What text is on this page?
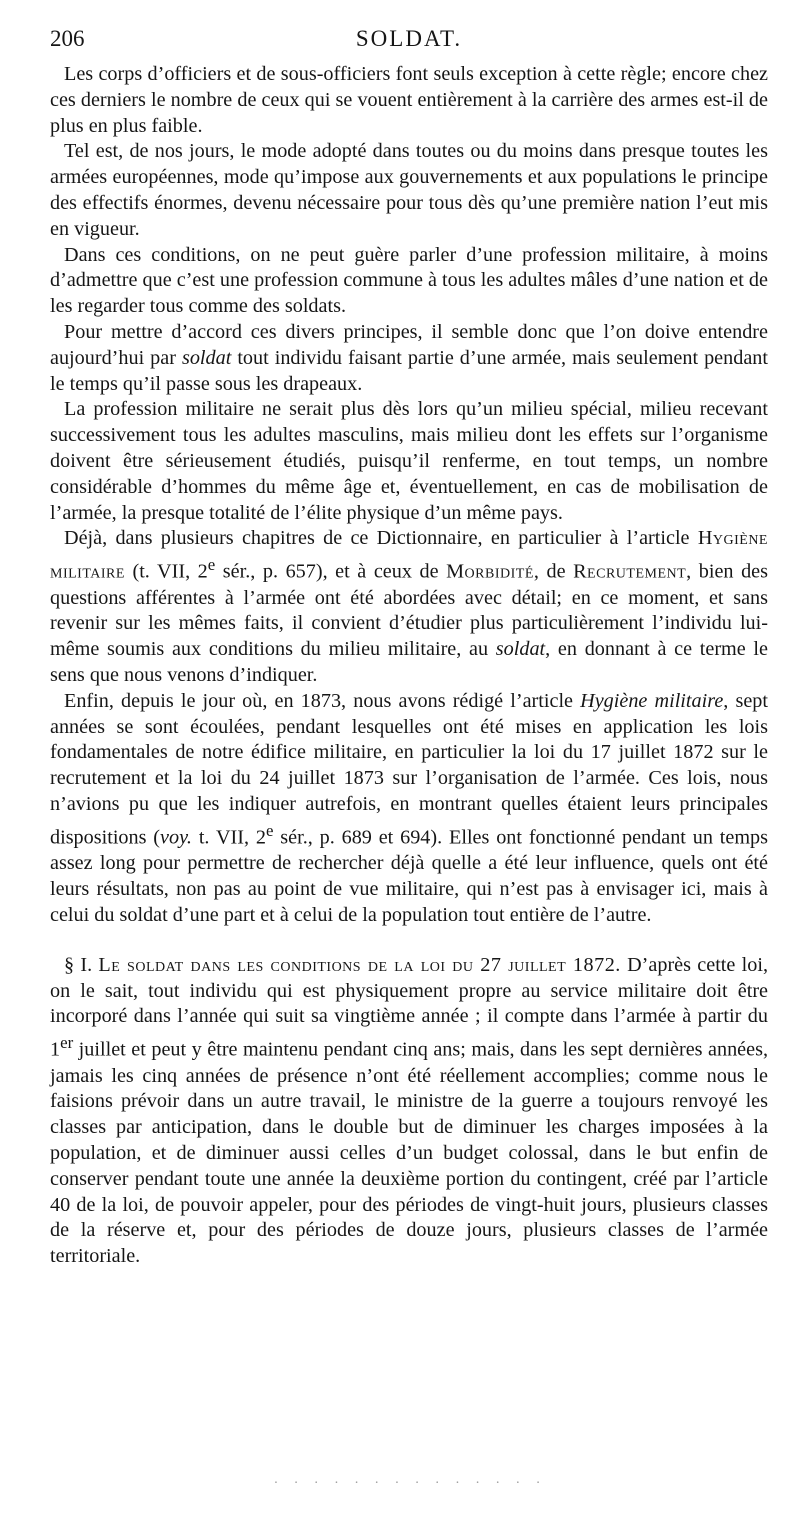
206	SOLDAT.

Les corps d’officiers et de sous-officiers font seuls exception à cette règle; encore chez ces derniers le nombre de ceux qui se vouent entièrement à la carrière des armes est-il de plus en plus faible.

Tel est, de nos jours, le mode adopté dans toutes ou du moins dans presque toutes les armées européennes, mode qu’impose aux gouvernements et aux populations le principe des effectifs énormes, devenu nécessaire pour tous dès qu’une première nation l’eut mis en vigueur.

Dans ces conditions, on ne peut guère parler d’une profession militaire, à moins d’admettre que c’est une profession commune à tous les adultes mâles d’une nation et de les regarder tous comme des soldats.

Pour mettre d’accord ces divers principes, il semble donc que l’on doive entendre aujourd’hui par soldat tout individu faisant partie d’une armée, mais seulement pendant le temps qu’il passe sous les drapeaux.

La profession militaire ne serait plus dès lors qu’un milieu spécial, milieu recevant successivement tous les adultes masculins, mais milieu dont les effets sur l’organisme doivent être sérieusement étudiés, puisqu’il renferme, en tout temps, un nombre considérable d’hommes du même âge et, éventuellement, en cas de mobilisation de l’armée, la presque totalité de l’élite physique d’un même pays.

Déjà, dans plusieurs chapitres de ce Dictionnaire, en particulier à l’article Hygiène militaire (t. VII, 2e sér., p. 657), et à ceux de Morbidité, de Recrutement, bien des questions afférentes à l’armée ont été abordées avec détail; en ce moment, et sans revenir sur les mêmes faits, il convient d’étudier plus particulièrement l’individu lui-même soumis aux conditions du milieu militaire, au soldat, en donnant à ce terme le sens que nous venons d’indiquer.

Enfin, depuis le jour où, en 1873, nous avons rédigé l’article Hygiène militaire, sept années se sont écoulées, pendant lesquelles ont été mises en application les lois fondamentales de notre édifice militaire, en particulier la loi du 17 juillet 1872 sur le recrutement et la loi du 24 juillet 1873 sur l’organisation de l’armée. Ces lois, nous n’avions pu que les indiquer autrefois, en montrant quelles étaient leurs principales dispositions (voy. t. VII, 2e sér., p. 689 et 694). Elles ont fonctionné pendant un temps assez long pour permettre de rechercher déjà quelle a été leur influence, quels ont été leurs résultats, non pas au point de vue militaire, qui n’est pas à envisager ici, mais à celui du soldat d’une part et à celui de la population tout entière de l’autre.

§ I. Le soldat dans les conditions de la loi du 27 juillet 1872. D’après cette loi, on le sait, tout individu qui est physiquement propre au service militaire doit être incorporé dans l’année qui suit sa vingtième année ; il compte dans l’armée à partir du 1er juillet et peut y être maintenu pendant cinq ans; mais, dans les sept dernières années, jamais les cinq années de présence n’ont été réellement accomplies; comme nous le faisions prévoir dans un autre travail, le ministre de la guerre a toujours renvoyé les classes par anticipation, dans le double but de diminuer les charges imposées à la population, et de diminuer aussi celles d’un budget colossal, dans le but enfin de conserver pendant toute une année la deuxième portion du contingent, créé par l’article 40 de la loi, de pouvoir appeler, pour des périodes de vingt-huit jours, plusieurs classes de la réserve et, pour des périodes de douze jours, plusieurs classes de l’armée territoriale.

· · · · · · · · · · · · · ·
